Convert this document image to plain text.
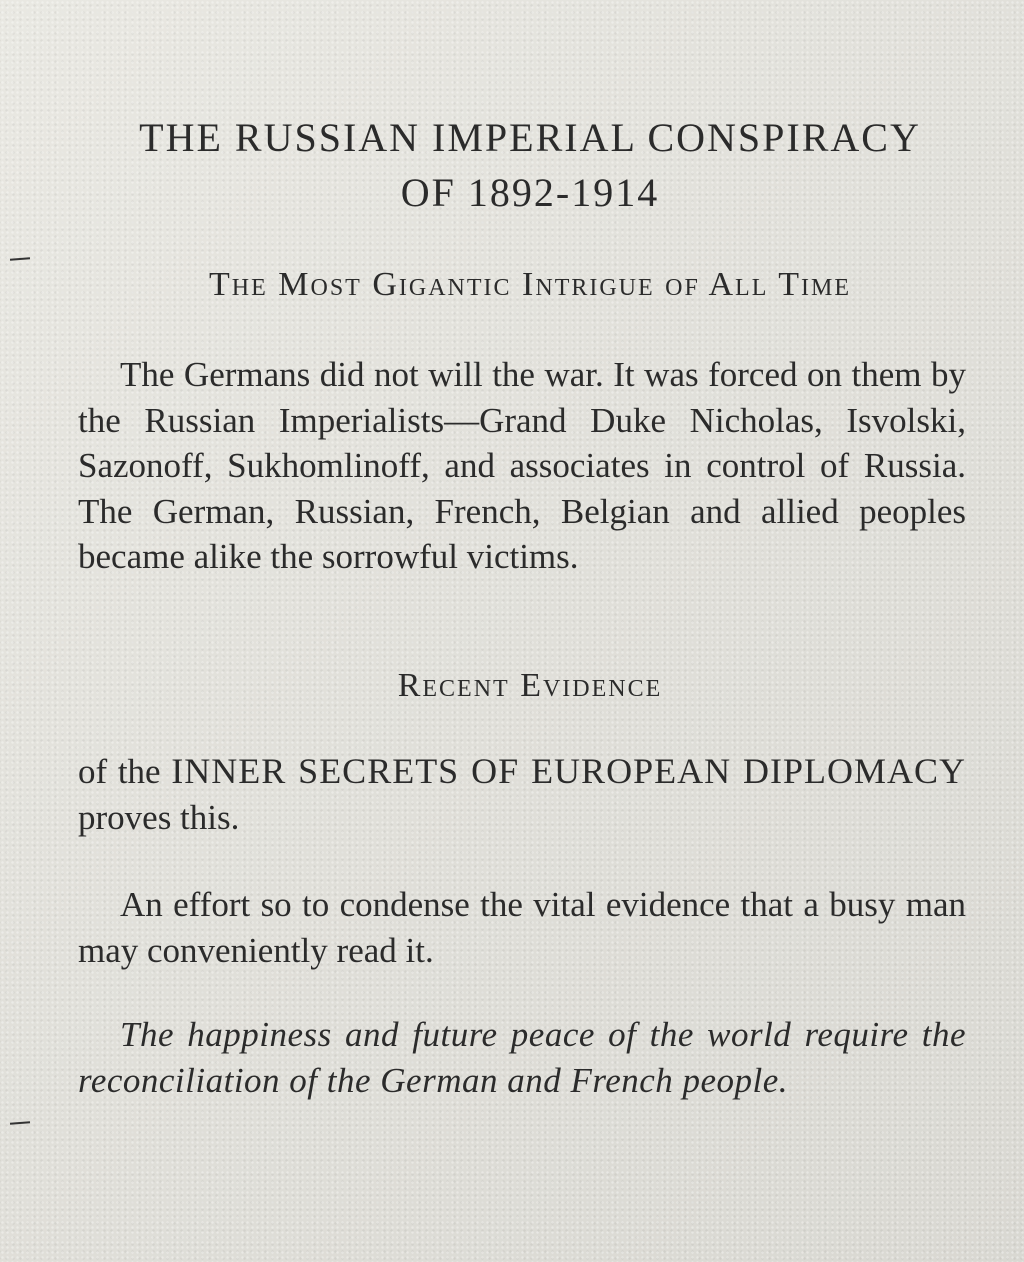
THE RUSSIAN IMPERIAL CONSPIRACY
OF 1892-1914
The Most Gigantic Intrigue of All Time

The Germans did not will the war. It was forced on them by the Russian Imperialists—Grand Duke Nicholas, Isvolski, Sazonoff, Sukhomlinoff, and associates in control of Russia. The German, Russian, French, Belgian and allied peoples became alike the sorrowful victims.

Recent Evidence

of the INNER SECRETS OF EUROPEAN DIPLOMACY proves this.

An effort so to condense the vital evidence that a busy man may conveniently read it.

The happiness and future peace of the world require the reconciliation of the German and French people.
